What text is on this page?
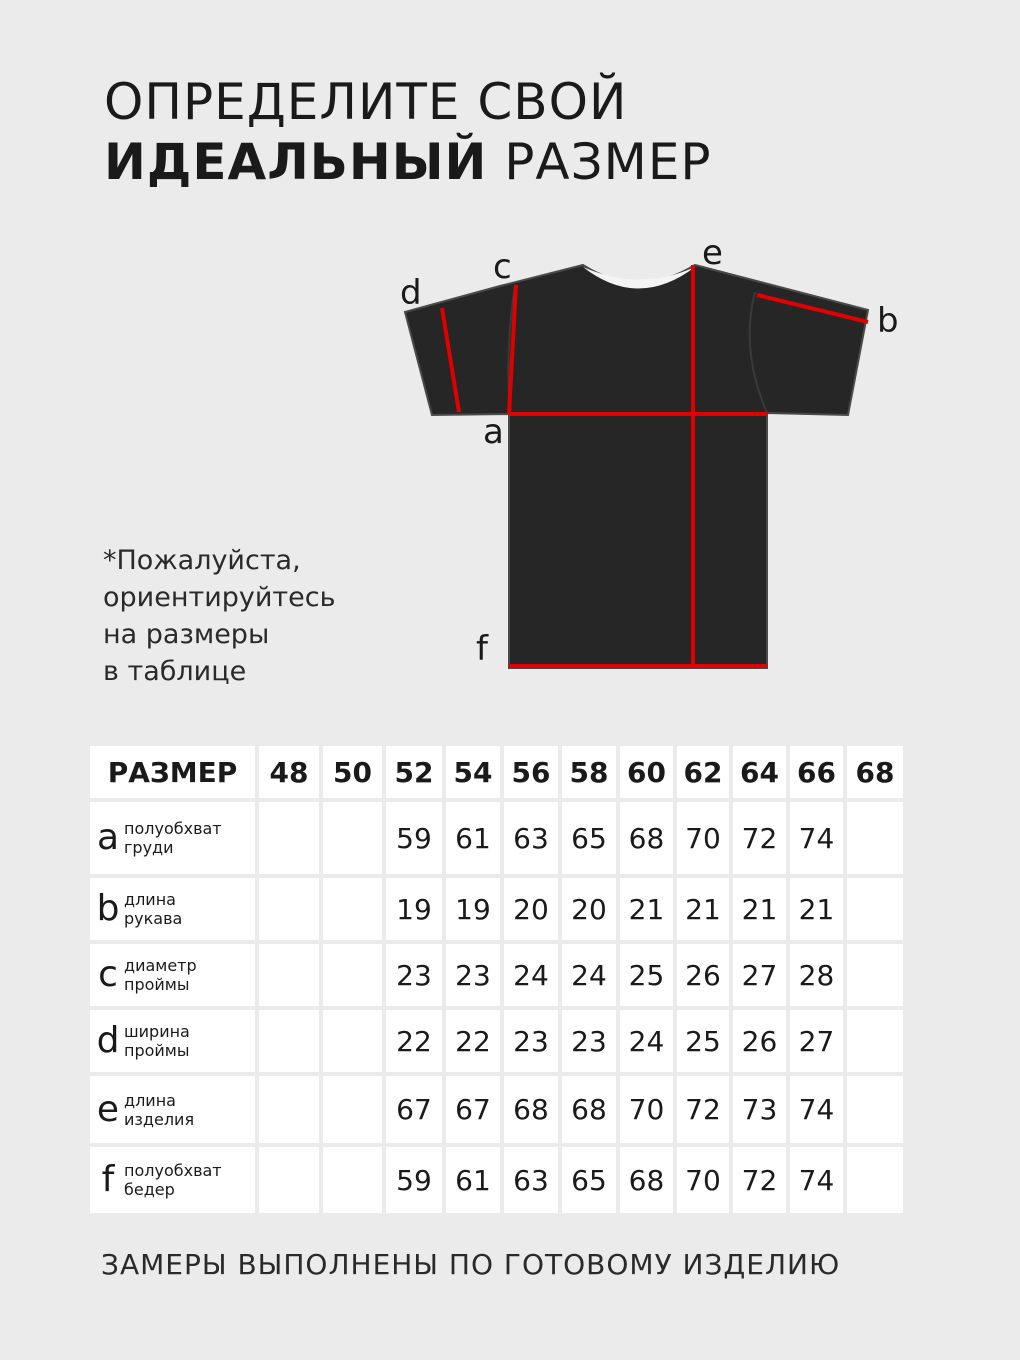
ОПРЕДЕЛИТЕ СВОЙ
ИДЕАЛЬНЫЙ РАЗМЕР
a
b
c
d
e
f
*Пожалуйста,
ориентируйтесь
на размеры
в таблице
РАЗМЕР	48	50	52	54	56	58	60	62	64	66	68

a полуобхват
груди			59	61	63	65	68	70	72	74	

b длина
рукава			19	19	20	20	21	21	21	21	

c диаметр
проймы			23	23	24	24	25	26	27	28	

d ширина
проймы			22	22	23	23	24	25	26	27	

e длина
изделия			67	67	68	68	70	72	73	74	

f полуобхват
бедер			59	61	63	65	68	70	72	74	
ЗАМЕРЫ ВЫПОЛНЕНЫ ПО ГОТОВОМУ ИЗДЕЛИЮ
